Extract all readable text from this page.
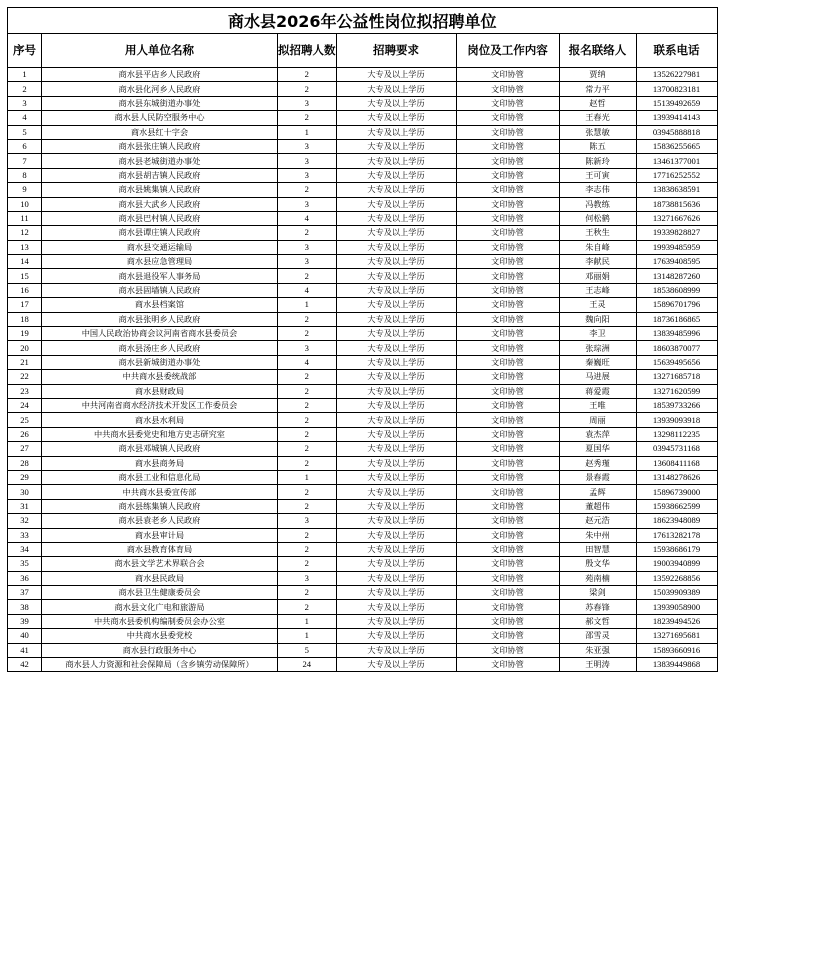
商水县2026年公益性岗位拟招聘单位						
序号	用人单位名称	拟招聘人数	招聘要求	岗位及工作内容	报名联络人	联系电话
1	商水县平店乡人民政府	2	大专及以上学历	文印协管	贾纳	13526227981
2	商水县化河乡人民政府	2	大专及以上学历	文印协管	常力平	13700823181
3	商水县东城街道办事处	3	大专及以上学历	文印协管	赵哲	15139492659
4	商水县人民防空服务中心	2	大专及以上学历	文印协管	王春光	13939414143
5	商水县红十字会	1	大专及以上学历	文印协管	张慧敏	03945888818
6	商水县张庄镇人民政府	3	大专及以上学历	文印协管	陈五	15836255665
7	商水县老城街道办事处	3	大专及以上学历	文印协管	陈新玲	13461377001
8	商水县胡吉镇人民政府	3	大专及以上学历	文印协管	王可寅	17716252552
9	商水县姚集镇人民政府	2	大专及以上学历	文印协管	李志伟	13838638591
10	商水县大武乡人民政府	3	大专及以上学历	文印协管	冯教练	18738815636
11	商水县巴村镇人民政府	4	大专及以上学历	文印协管	何松鹤	13271667626
12	商水县谭庄镇人民政府	2	大专及以上学历	文印协管	王秋生	19339828827
13	商水县交通运输局	3	大专及以上学历	文印协管	朱自峰	19939485959
14	商水县应急管理局	3	大专及以上学历	文印协管	李献民	17639408595
15	商水县退役军人事务局	2	大专及以上学历	文印协管	邓丽娟	13148287260
16	商水县固墙镇人民政府	4	大专及以上学历	文印协管	王志峰	18538608999
17	商水县档案馆	1	大专及以上学历	文印协管	王灵	15896701796
18	商水县张明乡人民政府	2	大专及以上学历	文印协管	魏向阳	18736186865
19	中国人民政治协商会议河南省商水县委员会	2	大专及以上学历	文印协管	李卫	13839485996
20	商水县汤庄乡人民政府	3	大专及以上学历	文印协管	张琮洲	18603870077
21	商水县新城街道办事处	4	大专及以上学历	文印协管	秦巍旺	15639495656
22	中共商水县委统战部	2	大专及以上学历	文印协管	马进展	13271685718
23	商水县财政局	2	大专及以上学历	文印协管	蒋爱霞	13271620599
24	中共河南省商水经济技术开发区工作委员会	2	大专及以上学历	文印协管	王唯	18539733266
25	商水县水利局	2	大专及以上学历	文印协管	周丽	13939093918
26	中共商水县委党史和地方史志研究室	2	大专及以上学历	文印协管	袁杰萍	13298112235
27	商水县邓城镇人民政府	2	大专及以上学历	文印协管	夏国华	03945731168
28	商水县商务局	2	大专及以上学历	文印协管	赵秀瑾	13608411168
29	商水县工业和信息化局	1	大专及以上学历	文印协管	景春霞	13148278626
30	中共商水县委宣传部	2	大专及以上学历	文印协管	孟辉	15896739000
31	商水县练集镇人民政府	2	大专及以上学历	文印协管	董超伟	15938662599
32	商水县袁老乡人民政府	3	大专及以上学历	文印协管	赵元浩	18623948089
33	商水县审计局	2	大专及以上学历	文印协管	朱中州	17613282178
34	商水县教育体育局	2	大专及以上学历	文印协管	田智慧	15938686179
35	商水县文学艺术界联合会	2	大专及以上学历	文印协管	殷文华	19003940899
36	商水县民政局	3	大专及以上学历	文印协管	苑南楠	13592268856
37	商水县卫生健康委员会	2	大专及以上学历	文印协管	梁剑	15039909389
38	商水县文化广电和旅游局	2	大专及以上学历	文印协管	苏春锋	13939058900
39	中共商水县委机构编制委员会办公室	1	大专及以上学历	文印协管	郝文哲	18239494526
40	中共商水县委党校	1	大专及以上学历	文印协管	邵雪灵	13271695681
41	商水县行政服务中心	5	大专及以上学历	文印协管	朱亚强	15893660916
42	商水县人力资源和社会保障局（含乡镇劳动保障所）	24	大专及以上学历	文印协管	王明涛	13839449868
